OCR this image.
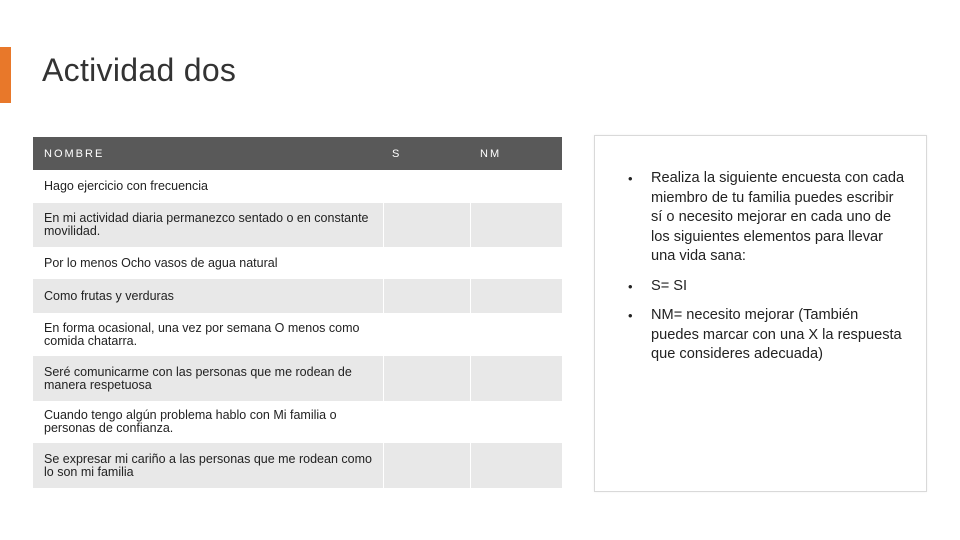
Actividad dos
NOMBRE	S	NM
Hago ejercicio con frecuencia		
En mi actividad diaria permanezco sentado o en constante movilidad.		
Por lo menos Ocho vasos de agua natural		
Como frutas y verduras		
En forma ocasional, una vez por semana O menos como comida chatarra.		
Seré comunicarme con las personas que me rodean de manera respetuosa		
Cuando tengo algún problema hablo con Mi familia o personas de confianza.		
Se expresar mi cariño a las personas que me rodean como lo son mi familia		
• Realiza la siguiente encuesta con cada miembro de tu familia puedes escribir sí o necesito mejorar en cada uno de los siguientes elementos para llevar una vida sana:
• S= SI
• NM= necesito mejorar (También puedes marcar con una X la respuesta que consideres adecuada)
